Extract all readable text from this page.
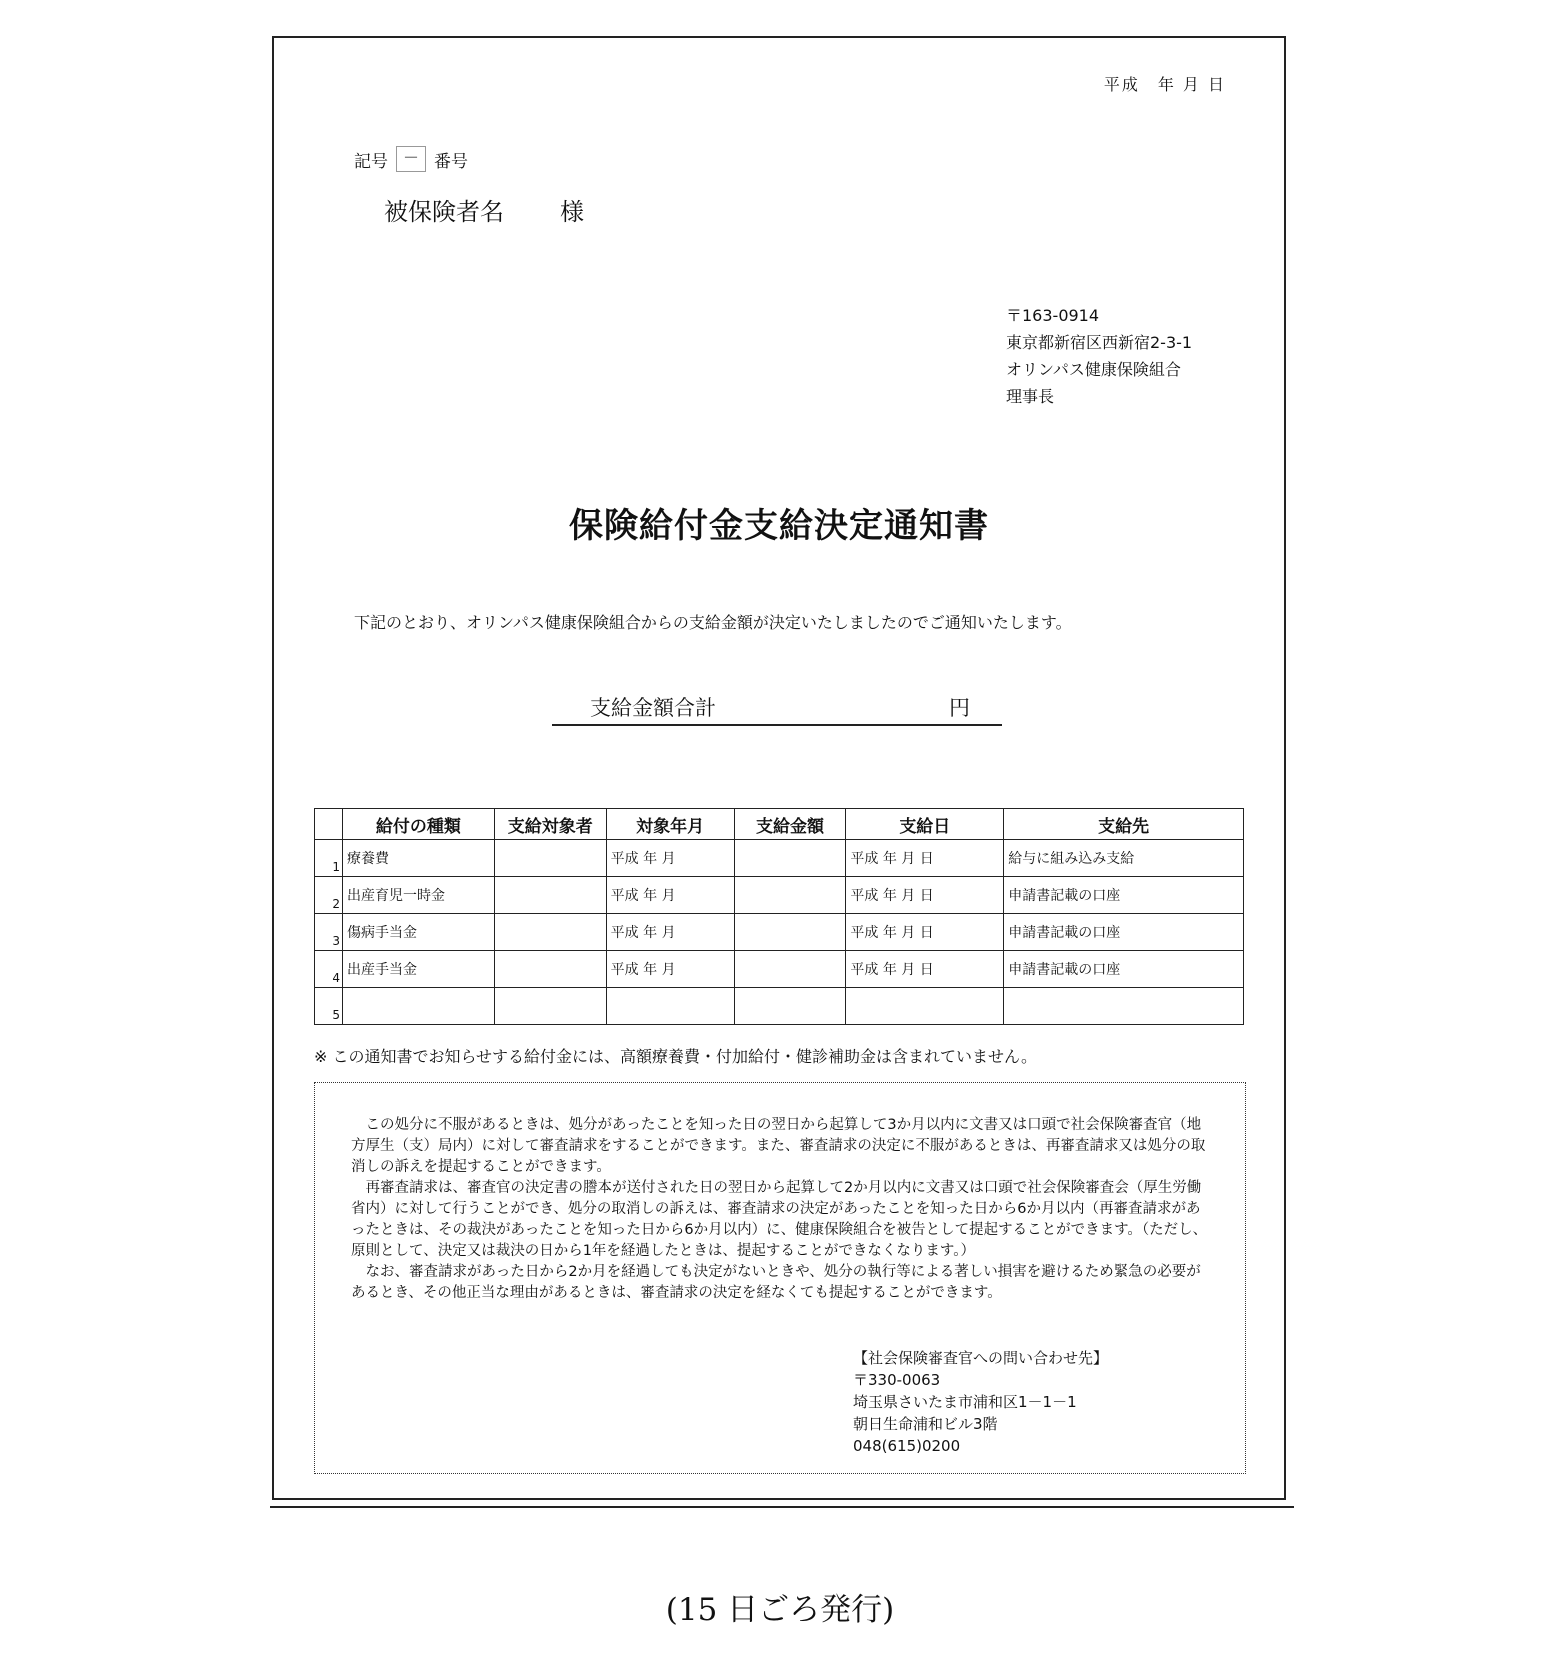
平成　年 月 日
記号 － 番号
被保険者名 様
〒163-0914
東京都新宿区西新宿2-3-1
オリンパス健康保険組合
理事長
保険給付金支給決定通知書
下記のとおり、オリンパス健康保険組合からの支給金額が決定いたしましたのでご通知いたします。
支給金額合計	円
	給付の種類	支給対象者	対象年月	支給金額	支給日	支給先
1	療養費		平成 年 月		平成 年 月 日	給与に組み込み支給
2	出産育児一時金		平成 年 月		平成 年 月 日	申請書記載の口座
3	傷病手当金		平成 年 月		平成 年 月 日	申請書記載の口座
4	出産手当金		平成 年 月		平成 年 月 日	申請書記載の口座
5						
※ この通知書でお知らせする給付金には、高額療養費・付加給付・健診補助金は含まれていません。

この処分に不服があるときは、処分があったことを知った日の翌日から起算して3か月以内に文書又は口頭で社会保険審査官（地方厚生（支）局内）に対して審査請求をすることができます。また、審査請求の決定に不服があるときは、再審査請求又は処分の取消しの訴えを提起することができます。

再審査請求は、審査官の決定書の謄本が送付された日の翌日から起算して2か月以内に文書又は口頭で社会保険審査会（厚生労働省内）に対して行うことができ、処分の取消しの訴えは、審査請求の決定があったことを知った日から6か月以内（再審査請求があったときは、その裁決があったことを知った日から6か月以内）に、健康保険組合を被告として提起することができます。（ただし、原則として、決定又は裁決の日から1年を経過したときは、提起することができなくなります。）

なお、審査請求があった日から2か月を経過しても決定がないときや、処分の執行等による著しい損害を避けるため緊急の必要があるとき、その他正当な理由があるときは、審査請求の決定を経なくても提起することができます。

【社会保険審査官への問い合わせ先】
〒330-0063
埼玉県さいたま市浦和区1－1－1
朝日生命浦和ビル3階
048(615)0200
(15 日ごろ発行)
